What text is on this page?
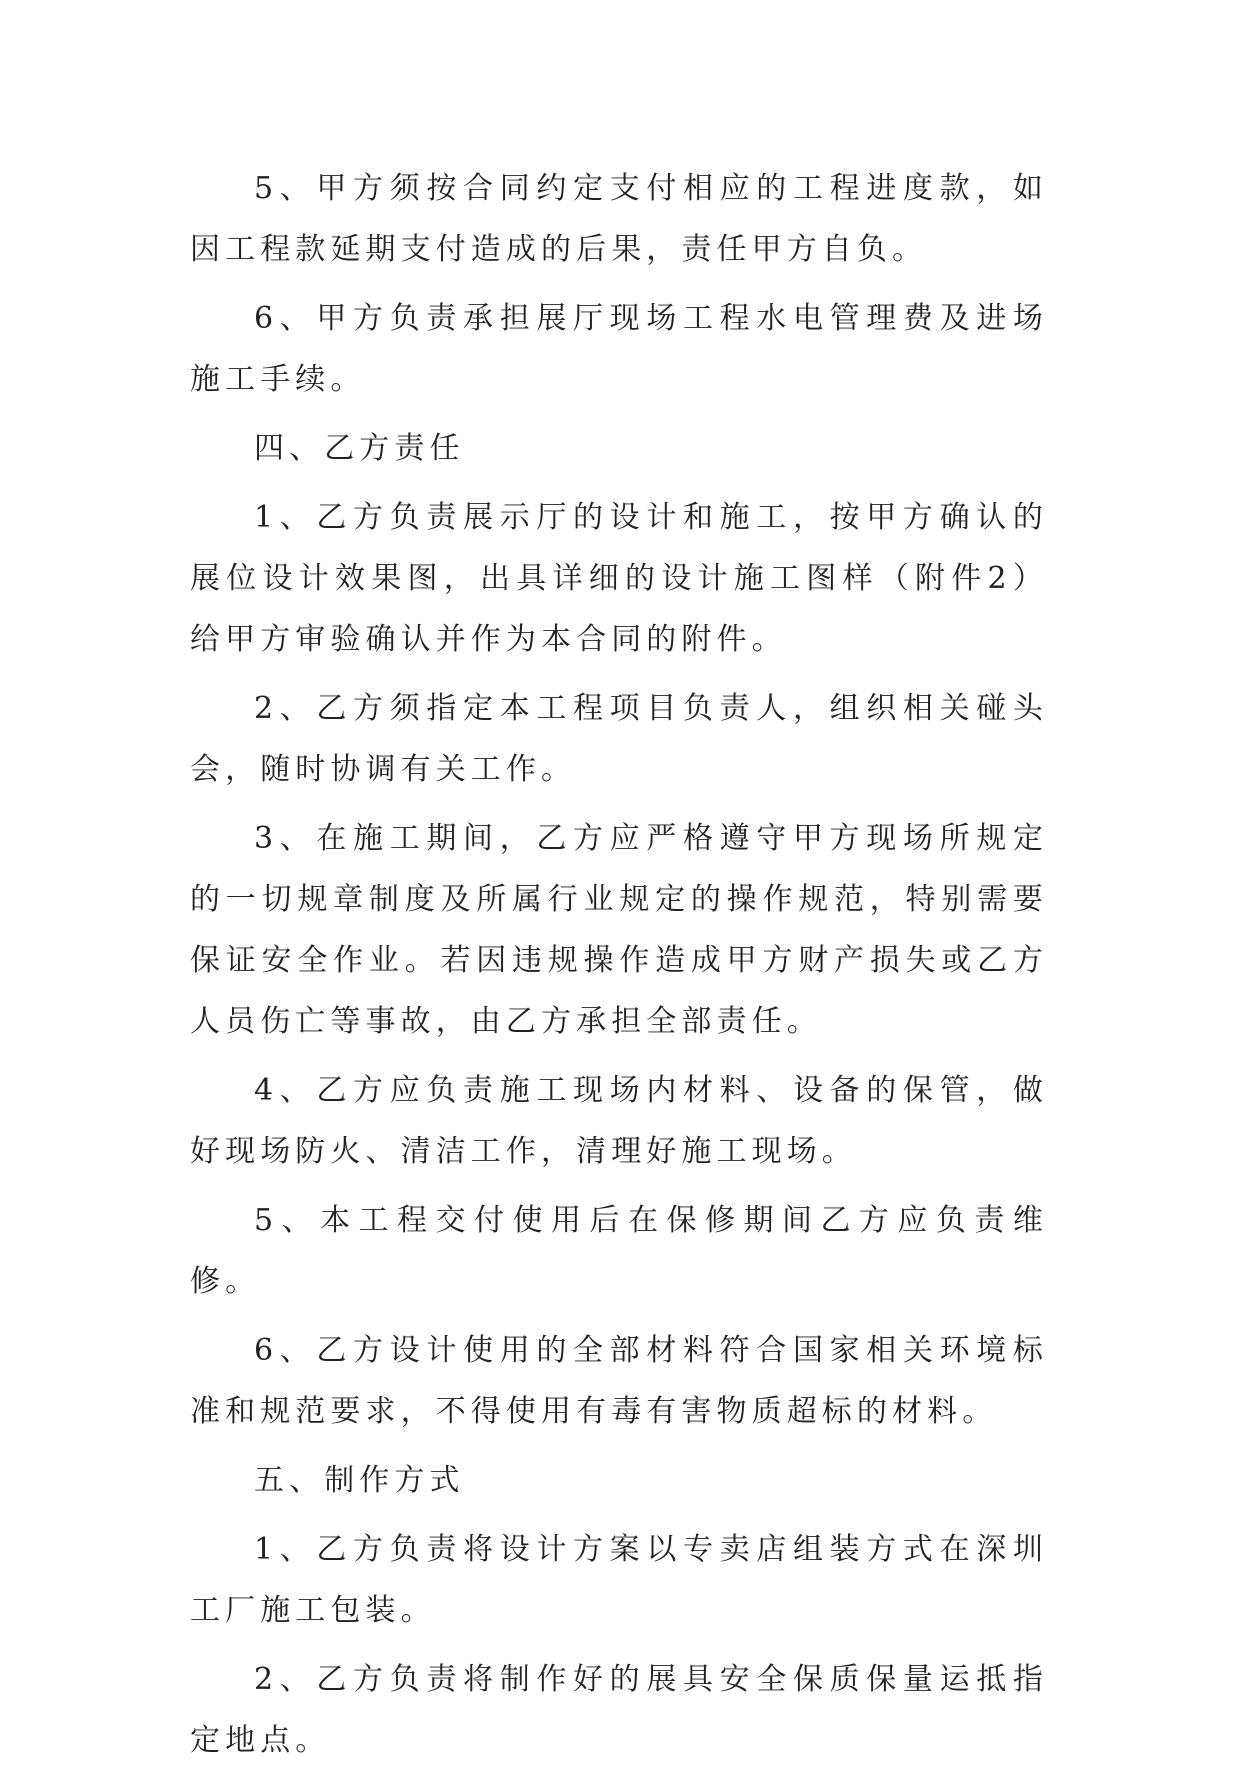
5、甲方须按合同约定支付相应的工程进度款，如因工程款延期支付造成的后果，责任甲方自负。

6、甲方负责承担展厅现场工程水电管理费及进场施工手续。

四、乙方责任

1、乙方负责展示厅的设计和施工，按甲方确认的展位设计效果图，出具详细的设计施工图样（附件2）给甲方审验确认并作为本合同的附件。

2、乙方须指定本工程项目负责人，组织相关碰头会，随时协调有关工作。

3、在施工期间，乙方应严格遵守甲方现场所规定的一切规章制度及所属行业规定的操作规范，特别需要保证安全作业。若因违规操作造成甲方财产损失或乙方人员伤亡等事故，由乙方承担全部责任。

4、乙方应负责施工现场内材料、设备的保管，做好现场防火、清洁工作，清理好施工现场。

5、本工程交付使用后在保修期间乙方应负责维修。

6、乙方设计使用的全部材料符合国家相关环境标准和规范要求，不得使用有毒有害物质超标的材料。

五、制作方式

1、乙方负责将设计方案以专卖店组装方式在深圳工厂施工包装。

2、乙方负责将制作好的展具安全保质保量运抵指定地点。
